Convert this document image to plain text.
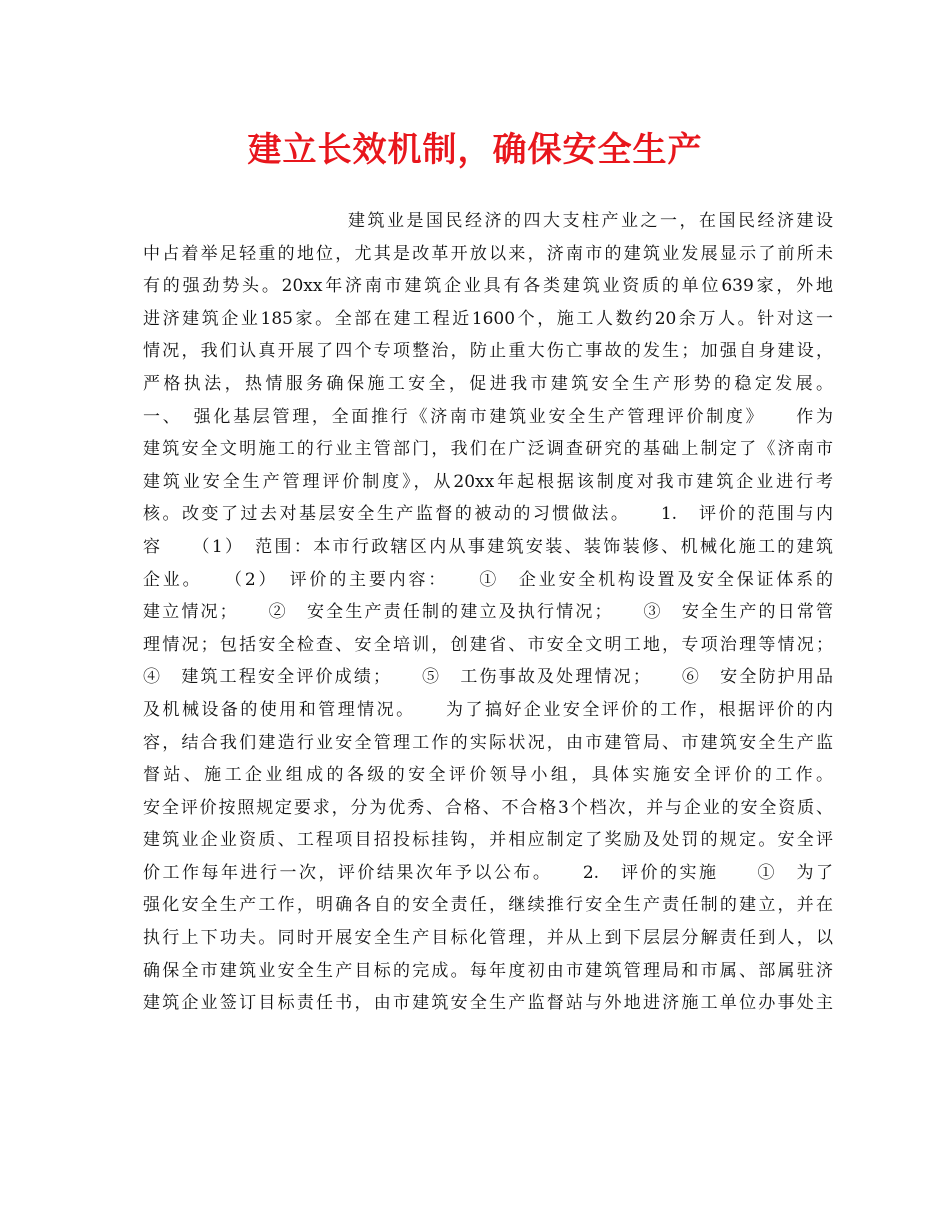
建立长效机制，确保安全生产
建筑业是国民经济的四大支柱产业之一，在国民经济建设
中占着举足轻重的地位，尤其是改革开放以来，济南市的建筑业发展显示了前所未
有的强劲势头。20xx年济南市建筑企业具有各类建筑业资质的单位639家，外地
进济建筑企业185家。全部在建工程近1600个，施工人数约20余万人。针对这一
情况，我们认真开展了四个专项整治，防止重大伤亡事故的发生；加强自身建设，
严格执法，热情服务确保施工安全，促进我市建筑安全生产形势的稳定发展。
一、　强化基层管理，全面推行《济南市建筑业安全生产管理评价制度》　　作为
建筑安全文明施工的行业主管部门，我们在广泛调查研究的基础上制定了《济南市
建筑业安全生产管理评价制度》，从20xx年起根据该制度对我市建筑企业进行考
核。改变了过去对基层安全生产监督的被动的习惯做法。　　1.　评价的范围与内
容　　（1）　范围：本市行政辖区内从事建筑安装、装饰装修、机械化施工的建筑
企业。　　（2）　评价的主要内容：　　①　企业安全机构设置及安全保证体系的
建立情况；　　②　安全生产责任制的建立及执行情况；　　③　安全生产的日常管
理情况；包括安全检查、安全培训，创建省、市安全文明工地，专项治理等情况；
④　建筑工程安全评价成绩；　　⑤　工伤事故及处理情况；　　⑥　安全防护用品
及机械设备的使用和管理情况。　　为了搞好企业安全评价的工作，根据评价的内
容，结合我们建造行业安全管理工作的实际状况，由市建管局、市建筑安全生产监
督站、施工企业组成的各级的安全评价领导小组，具体实施安全评价的工作。
安全评价按照规定要求，分为优秀、合格、不合格3个档次，并与企业的安全资质、
建筑业企业资质、工程项目招投标挂钩，并相应制定了奖励及处罚的规定。安全评
价工作每年进行一次，评价结果次年予以公布。　　2.　评价的实施　　①　为了
强化安全生产工作，明确各自的安全责任，继续推行安全生产责任制的建立，并在
执行上下功夫。同时开展安全生产目标化管理，并从上到下层层分解责任到人，以
确保全市建筑业安全生产目标的完成。每年度初由市建筑管理局和市属、部属驻济
建筑企业签订目标责任书，由市建筑安全生产监督站与外地进济施工单位办事处主
